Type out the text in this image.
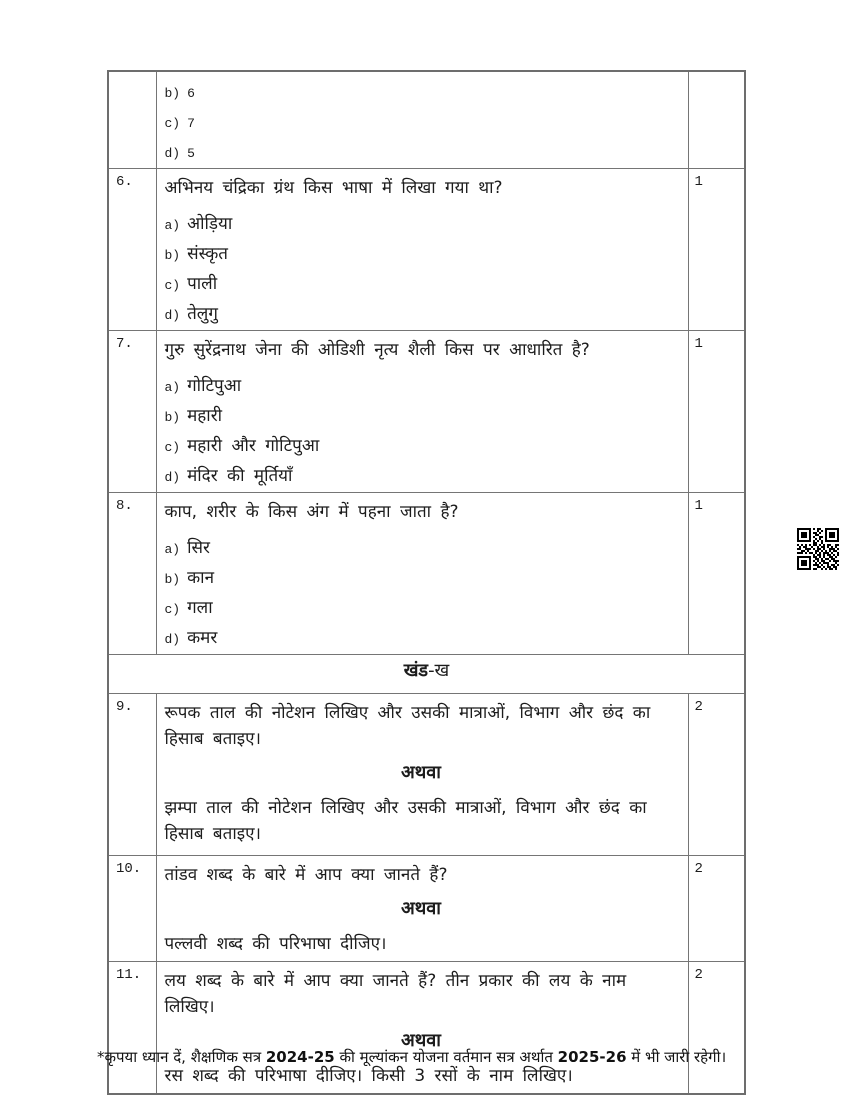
	b) 6
c) 7
d) 5	

6.	अभिनय चंद्रिका ग्रंथ किस भाषा में लिखा गया था?
a) ओड़िया
b) संस्कृत
c) पाली
d) तेलुगु	1
7.	गुरु सुरेंद्रनाथ जेना की ओडिशी नृत्य शैली किस पर आधारित है?
a) गोटिपुआ
b) महारी
c) महारी और गोटिपुआ
d) मंदिर की मूर्तियाँ	1
8.	काप, शरीर के किस अंग में पहना जाता है?
a) सिर
b) कान
c) गला
d) कमर	1
खंड-ख		
9.	रूपक ताल की नोटेशन लिखिए और उसकी मात्राओं, विभाग और छंद का हिसाब बताइए।
अथवा
झम्पा ताल की नोटेशन लिखिए और उसकी मात्राओं, विभाग और छंद का हिसाब बताइए।	2
10.	तांडव शब्द के बारे में आप क्या जानते हैं?
अथवा
पल्लवी शब्द की परिभाषा दीजिए।	2
11.	लय शब्द के बारे में आप क्या जानते हैं? तीन प्रकार की लय के नाम लिखिए।
अथवा
रस शब्द की परिभाषा दीजिए। किसी 3 रसों के नाम लिखिए।	2
*कृपया ध्यान दें, शैक्षणिक सत्र 2024-25 की मूल्यांकन योजना वर्तमान सत्र अर्थात 2025-26 में भी जारी रहेगी।
